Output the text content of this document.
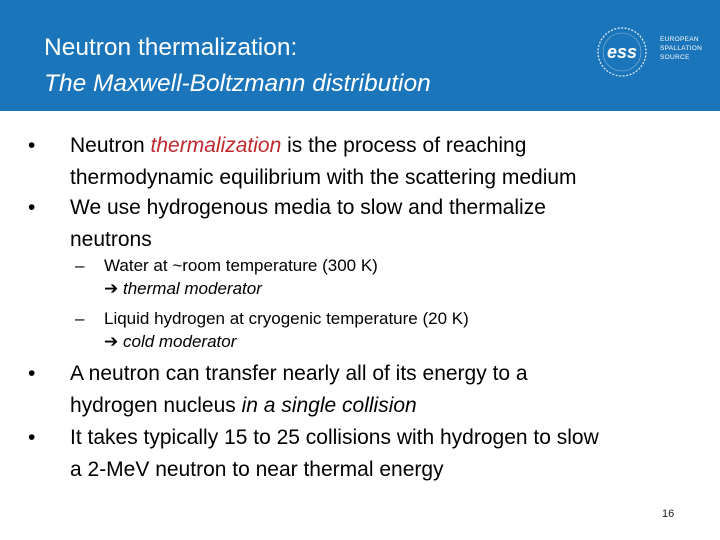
Neutron thermalization:
The Maxwell-Boltzmann distribution
ess
EUROPEAN
SPALLATION
SOURCE
• Neutron thermalization is the process of reaching
thermodynamic equilibrium with the scattering medium
• We use hydrogenous media to slow and thermalize
neutrons
– Water at ~room temperature (300 K)
➔ thermal moderator
– Liquid hydrogen at cryogenic temperature (20 K)
➔ cold moderator
• A neutron can transfer nearly all of its energy to a
hydrogen nucleus in a single collision
• It takes typically 15 to 25 collisions with hydrogen to slow
a 2-MeV neutron to near thermal energy
16
